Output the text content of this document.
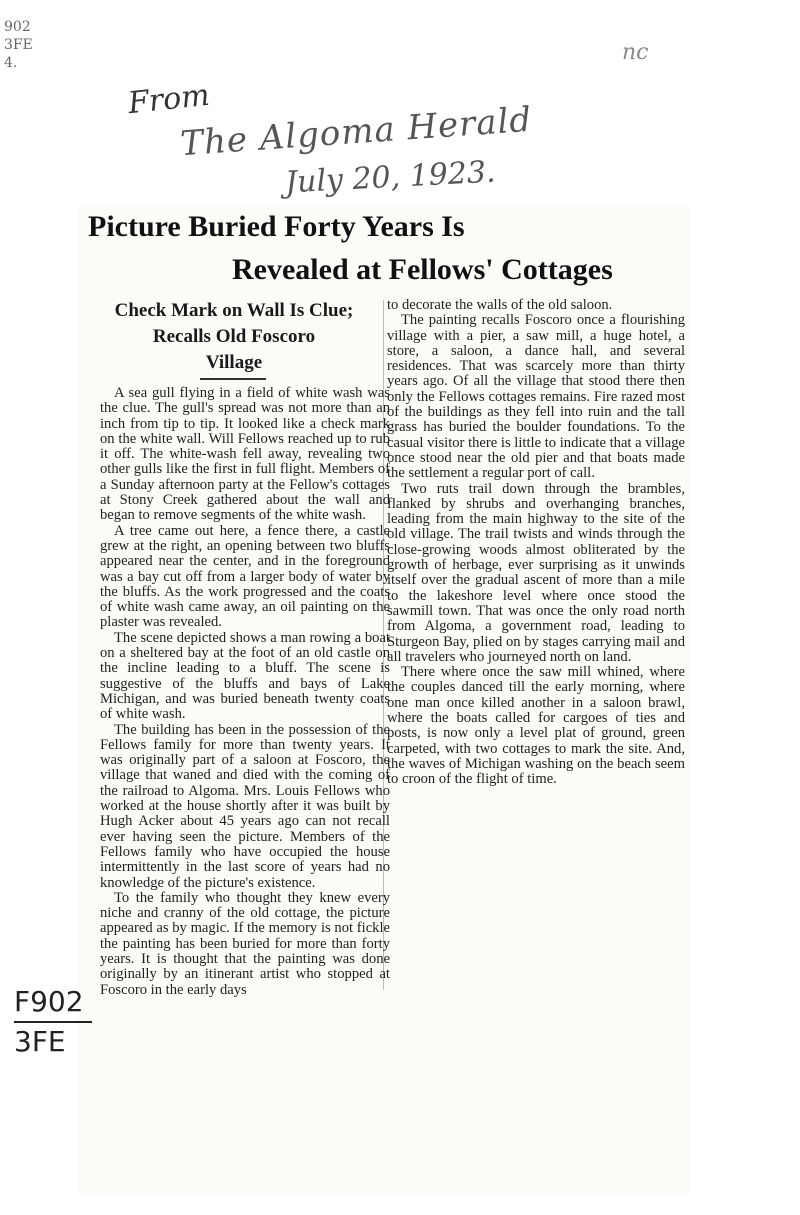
902
3FE
4.	nc
From
The Algoma Herald
July 20, 1923.
F902
3FE
Picture Buried Forty Years Is
Revealed at Fellows' Cottages
Check Mark on Wall Is Clue;
Recalls Old Foscoro
Village

A sea gull flying in a field of white wash was the clue. The gull's spread was not more than an inch from tip to tip. It looked like a check mark on the white wall. Will Fellows reached up to rub it off. The white-wash fell away, revealing two other gulls like the first in full flight. Members of a Sunday afternoon party at the Fellow's cottages at Stony Creek gathered about the wall and began to remove segments of the white wash.

A tree came out here, a fence there, a castle grew at the right, an opening between two bluffs appeared near the center, and in the foreground was a bay cut off from a larger body of water by the bluffs. As the work progressed and the coats of white wash came away, an oil painting on the plaster was revealed.

The scene depicted shows a man rowing a boat on a sheltered bay at the foot of an old castle on the incline leading to a bluff. The scene is suggestive of the bluffs and bays of Lake Michigan, and was buried beneath twenty coats of white wash.

The building has been in the possession of the Fellows family for more than twenty years. It was originally part of a saloon at Foscoro, the village that waned and died with the coming of the railroad to Algoma. Mrs. Louis Fellows who worked at the house shortly after it was built by Hugh Acker about 45 years ago can not recall ever having seen the picture. Members of the Fellows family who have occupied the house intermittently in the last score of years had no knowledge of the picture's existence.

To the family who thought they knew every niche and cranny of the old cottage, the picture appeared as by magic. If the memory is not fickle the painting has been buried for more than forty years. It is thought that the painting was done originally by an itinerant artist who stopped at Foscoro in the early days

to decorate the walls of the old saloon.

The painting recalls Foscoro once a flourishing village with a pier, a saw mill, a huge hotel, a store, a saloon, a dance hall, and several residences. That was scarcely more than thirty years ago. Of all the village that stood there then only the Fellows cottages remains. Fire razed most of the buildings as they fell into ruin and the tall grass has buried the boulder foundations. To the casual visitor there is little to indicate that a village once stood near the old pier and that boats made the settlement a regular port of call.

Two ruts trail down through the brambles, flanked by shrubs and overhanging branches, leading from the main highway to the site of the old village. The trail twists and winds through the close-growing woods almost obliterated by the growth of herbage, ever surprising as it unwinds itself over the gradual ascent of more than a mile to the lakeshore level where once stood the sawmill town. That was once the only road north from Algoma, a government road, leading to Sturgeon Bay, plied on by stages carrying mail and all travelers who journeyed north on land.

There where once the saw mill whined, where the couples danced till the early morning, where one man once killed another in a saloon brawl, where the boats called for cargoes of ties and posts, is now only a level plat of ground, green carpeted, with two cottages to mark the site. And, the waves of Michigan washing on the beach seem to croon of the flight of time.
